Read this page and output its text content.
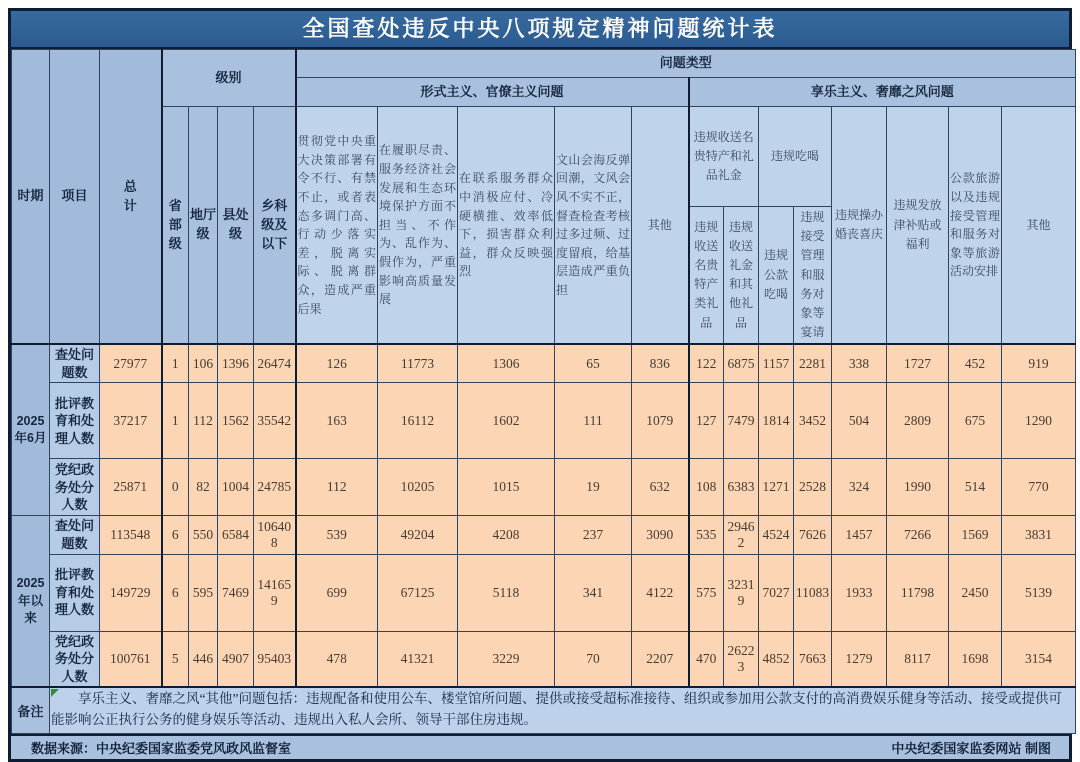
全国查处违反中央八项规定精神问题统计表
时期	项目	总计	级别				问题类型												
							形式主义、官僚主义问题					享乐主义、奢靡之风问题							
			省部级	地厅级	县处级	乡科级及以下	贯彻党中央重大决策部署有令不行、有禁不止，或者表态多调门高、行动少落实差，脱离实际、脱离群众，造成严重后果	在履职尽责、服务经济社会发展和生态环境保护方面不担当、不作为、乱作为、假作为，严重影响高质量发展	在联系服务群众中消极应付、冷硬横推、效率低下，损害群众利益，群众反映强烈	文山会海反弹回潮，文风会风不实不正，督查检查考核过多过频、过度留痕，给基层造成严重负担	其他	违规收送名贵特产和礼品礼金		违规吃喝		违规操办婚丧喜庆	违规发放津补贴或福利	公款旅游以及违规接受管理和服务对象等旅游活动安排	其他
												违规收送名贵特产类礼品	违规收送礼金和其他礼品	违规公款吃喝	违规接受管理和服务对象等宴请				
2025年6月	查处问题数	27977	1	106	1396	26474	126	11773	1306	65	836	122	6875	1157	2281	338	1727	452	919
	批评教育和处理人数	37217	1	112	1562	35542	163	16112	1602	111	1079	127	7479	1814	3452	504	2809	675	1290
	党纪政务处分人数	25871	0	82	1004	24785	112	10205	1015	19	632	108	6383	1271	2528	324	1990	514	770
2025年以来	查处问题数	113548	6	550	6584	106408	539	49204	4208	237	3090	535	29462	4524	7626	1457	7266	1569	3831
	批评教育和处理人数	149729	6	595	7469	141659	699	67125	5118	341	4122	575	32319	7027	11083	1933	11798	2450	5139
	党纪政务处分人数	100761	5	446	4907	95403	478	41321	3229	70	2207	470	26223	4852	7663	1279	8117	1698	3154
备注	享乐主义、奢靡之风“其他”问题包括：违规配备和使用公车、楼堂馆所问题、提供或接受超标准接待、组织或参加用公款支付的高消费娱乐健身等活动、接受或提供可能影响公正执行公务的健身娱乐等活动、违规出入私人会所、领导干部住房违规。																		
数据来源：中央纪委国家监委党风政风监督室	中央纪委国家监委网站 制图
